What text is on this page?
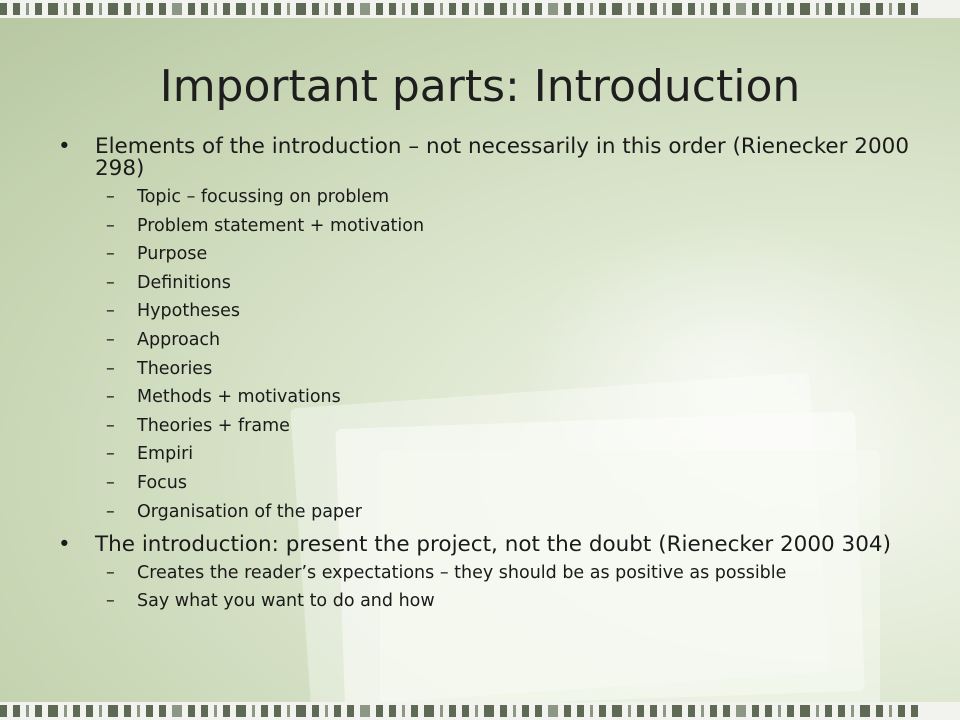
Important parts: Introduction
•	Elements of the introduction – not necessarily in this order (Rienecker 2000 298)
–	Topic – focussing on problem
–	Problem statement + motivation
–	Purpose
–	Definitions
–	Hypotheses
–	Approach
–	Theories
–	Methods + motivations
–	Theories + frame
–	Empiri
–	Focus
–	Organisation of the paper
•	The introduction: present the project, not the doubt (Rienecker 2000 304)
–	Creates the reader’s expectations – they should be as positive as possible
–	Say what you want to do and how
